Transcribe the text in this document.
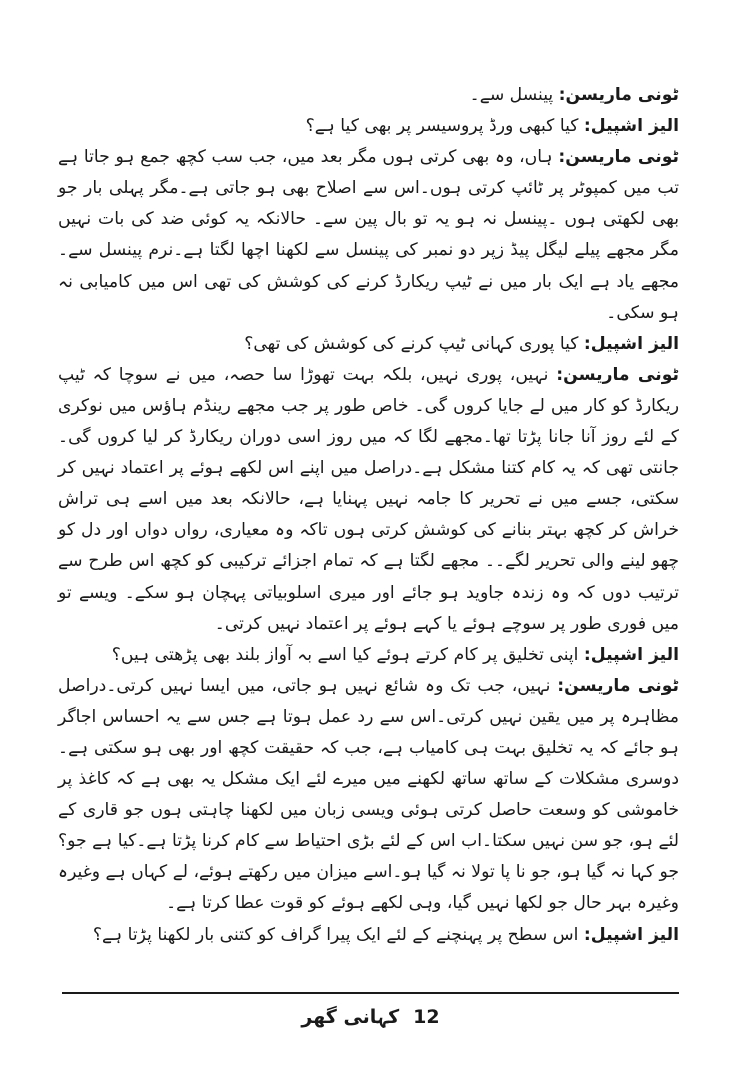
ٹونی ماریسن: پینسل سے۔

الیز اشپیل: کیا کبھی ورڈ پروسیسر پر بھی کیا ہے؟

ٹونی ماریسن: ہاں، وہ بھی کرتی ہوں مگر بعد میں، جب سب کچھ جمع ہو جاتا ہے تب میں کمپوٹر پر ٹائپ کرتی ہوں۔اس سے اصلاح بھی ہو جاتی ہے۔مگر پہلی بار جو بھی لکھتی ہوں ۔پینسل نہ ہو یہ تو بال پین سے۔ حالانکہ یہ کوئی ضد کی بات نہیں مگر مجھے پیلے لیگل پیڈ زپر دو نمبر کی پینسل سے لکھنا اچھا لگتا ہے۔نرم پینسل سے۔ مجھے یاد ہے ایک بار میں نے ٹیپ ریکارڈ کرنے کی کوشش کی تھی اس میں کامیابی نہ ہو سکی۔

الیز اشپیل: کیا پوری کہانی ٹیپ کرنے کی کوشش کی تھی؟

ٹونی ماریسن: نہیں، پوری نہیں، بلکہ بہت تھوڑا سا حصہ، میں نے سوچا کہ ٹیپ ریکارڈ کو کار میں لے جایا کروں گی۔ خاص طور پر جب مجھے رینڈم ہاؤس میں نوکری کے لئے روز آنا جانا پڑتا تھا۔مجھے لگا کہ میں روز اسی دوران ریکارڈ کر لیا کروں گی۔ جانتی تھی کہ یہ کام کتنا مشکل ہے۔دراصل میں اپنے اس لکھے ہوئے پر اعتماد نہیں کر سکتی، جسے میں نے تحریر کا جامہ نہیں پہنایا ہے، حالانکہ بعد میں اسے ہی تراش خراش کر کچھ بہتر بنانے کی کوشش کرتی ہوں تاکہ وہ معیاری، رواں دواں اور دل کو چھو لینے والی تحریر لگے۔۔ مجھے لگتا ہے کہ تمام اجزائے ترکیبی کو کچھ اس طرح سے ترتیب دوں کہ وہ زندہ جاوید ہو جائے اور میری اسلوبیاتی پہچان ہو سکے۔ ویسے تو میں فوری طور پر سوچے ہوئے یا کہے ہوئے پر اعتماد نہیں کرتی۔

الیز اشپیل: اپنی تخلیق پر کام کرتے ہوئے کیا اسے بہ آواز بلند بھی پڑھتی ہیں؟

ٹونی ماریسن: نہیں، جب تک وہ شائع نہیں ہو جاتی، میں ایسا نہیں کرتی۔دراصل مظاہرہ پر میں یقین نہیں کرتی۔اس سے رد عمل ہوتا ہے جس سے یہ احساس اجاگر ہو جائے کہ یہ تخلیق بہت ہی کامیاب ہے، جب کہ حقیقت کچھ اور بھی ہو سکتی ہے۔دوسری مشکلات کے ساتھ ساتھ لکھنے میں میرے لئے ایک مشکل یہ بھی ہے کہ کاغذ پر خاموشی کو وسعت حاصل کرتی ہوئی ویسی زبان میں لکھنا چاہتی ہوں جو قاری کے لئے ہو، جو سن نہیں سکتا۔اب اس کے لئے بڑی احتیاط سے کام کرنا پڑتا ہے۔کیا ہے جو؟ جو کہا نہ گیا ہو، جو نا پا تولا نہ گیا ہو۔اسے میزان میں رکھتے ہوئے، لے کہاں ہے وغیرہ وغیرہ بہر حال جو لکھا نہیں گیا، وہی لکھے ہوئے کو قوت عطا کرتا ہے۔

الیز اشپیل: اس سطح پر پہنچنے کے لئے ایک پیرا گراف کو کتنی بار لکھنا پڑتا ہے؟

12کہانی گھر
